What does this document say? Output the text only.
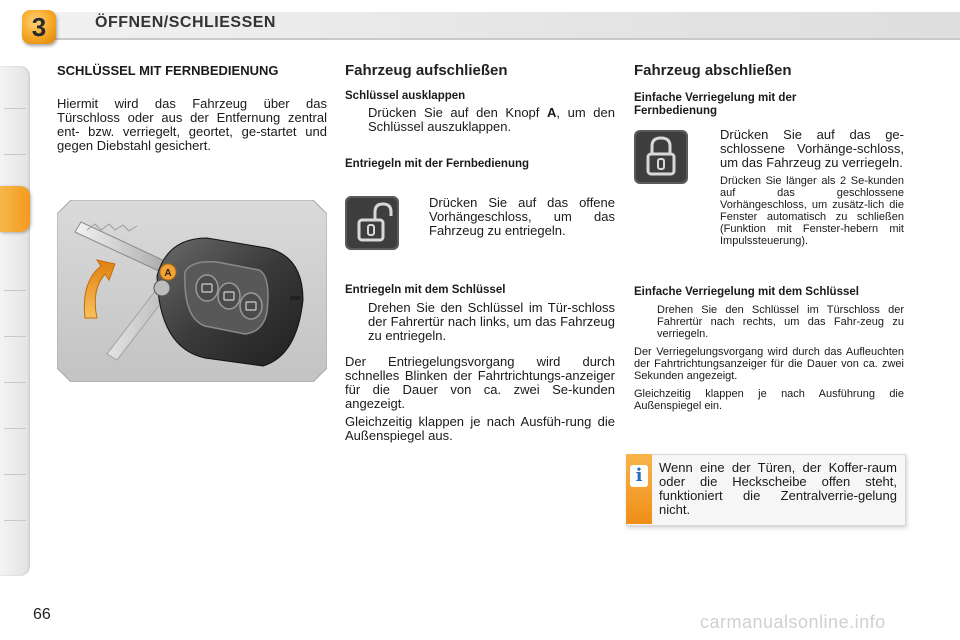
3	ÖFFNEN/SCHLIESSEN
SCHLÜSSEL MIT FERNBEDIENUNG

Hiermit wird das Fahrzeug über das Türschloss oder aus der Entfernung zentral ent- bzw. verriegelt, geortet, ge-startet und gegen Diebstahl gesichert.

A
Fahrzeug aufschließen
Schlüssel ausklappen

Drücken Sie auf den Knopf A, um den Schlüssel auszuklappen.

Entriegeln mit der Fernbedienung

Drücken Sie auf das offene Vorhängeschloss, um das Fahrzeug zu entriegeln.

Entriegeln mit dem Schlüssel

Drehen Sie den Schlüssel im Tür-schloss der Fahrertür nach links, um das Fahrzeug zu entriegeln.

Der Entriegelungsvorgang wird durch schnelles Blinken der Fahrtrichtungs-anzeiger für die Dauer von ca. zwei Se-kunden angezeigt.

Gleichzeitig klappen je nach Ausfüh-rung die Außenspiegel aus.

Fahrzeug abschließen
Einfache Verriegelung mit der Fernbedienung

Drücken Sie auf das ge-schlossene Vorhänge-schloss, um das Fahrzeug zu verriegeln.

Drücken Sie länger als 2 Se-kunden auf das geschlossene Vorhängeschloss, um zusätz-lich die Fenster automatisch zu schließen (Funktion mit Fenster-hebern mit Impulssteuerung).

Einfache Verriegelung mit dem Schlüssel

Drehen Sie den Schlüssel im Türschloss der Fahrertür nach rechts, um das Fahr-zeug zu verriegeln.

Der Verriegelungsvorgang wird durch das Aufleuchten der Fahrtrichtungsanzeiger für die Dauer von ca. zwei Sekunden angezeigt.

Gleichzeitig klappen je nach Ausführung die Außenspiegel ein.

i	Wenn eine der Türen, der Koffer-raum oder die Heckscheibe offen steht, funktioniert die Zentralverrie-gelung nicht.

66	carmanualsonline.info
